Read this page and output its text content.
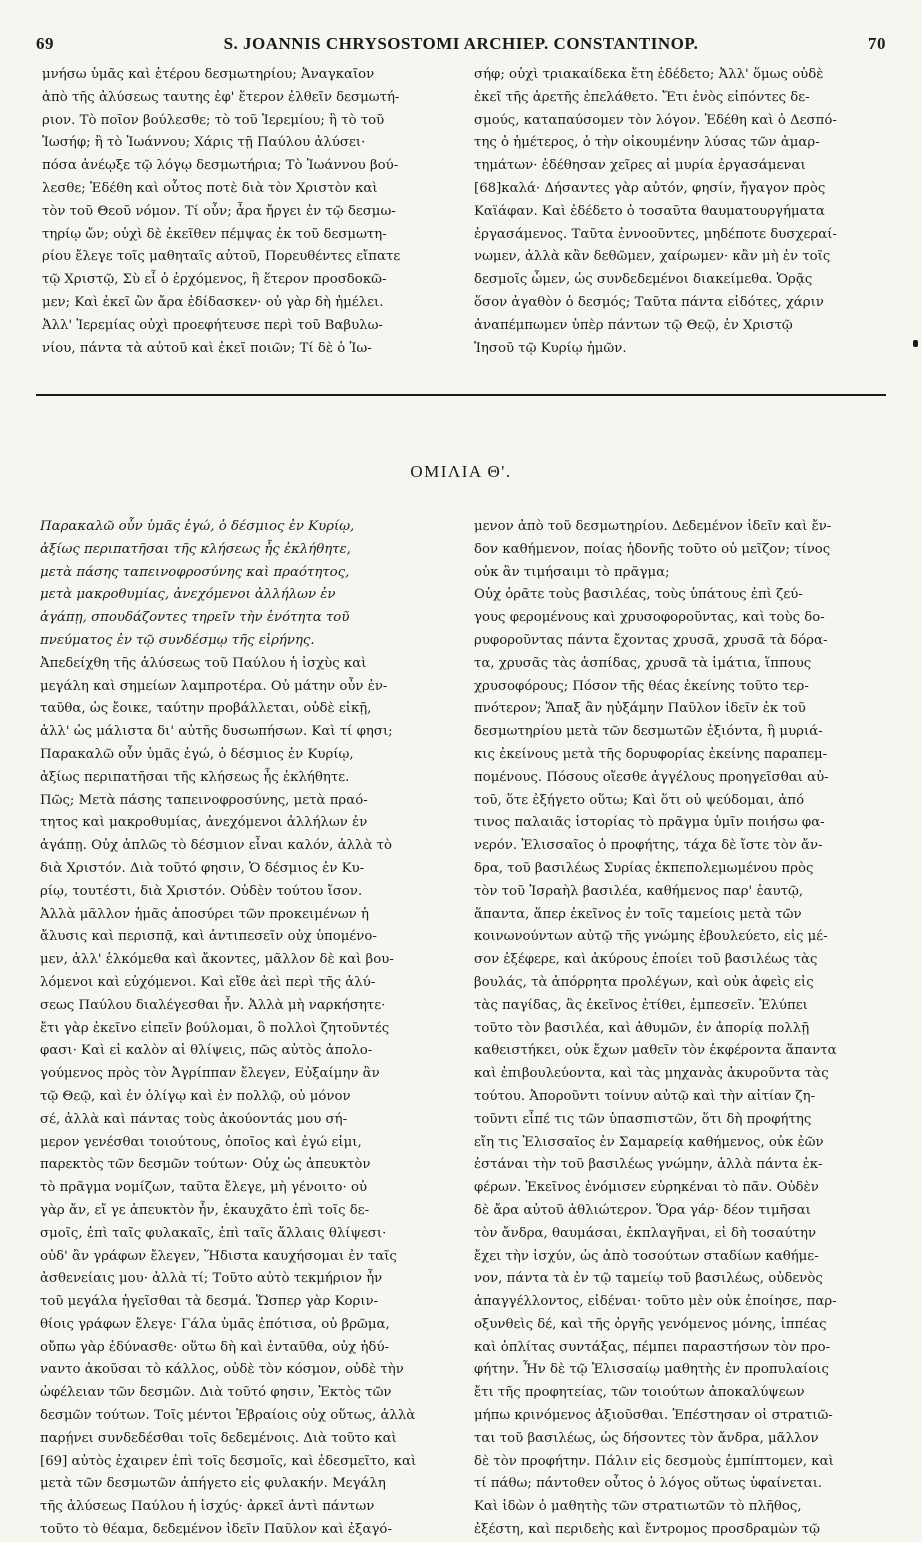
69	S. JOANNIS CHRYSOSTOMI ARCHIEP. CONSTANTINOP.	70
μνήσω ὑμᾶς καὶ ἑτέρου δεσμωτηρίου; Ἀναγκαῖον
ἀπὸ τῆς ἀλύσεως ταυτης ἐφ' ἕτερον ἐλθεῖν δεσμωτή-
ριον. Τὸ ποῖον βούλεσθε; τὸ τοῦ Ἱερεμίου; ἢ τὸ τοῦ
Ἰωσήφ; ἢ τὸ Ἰωάννου; Χάρις τῇ Παύλου ἀλύσει·
πόσα ἀνέῳξε τῷ λόγῳ δεσμωτήρια; Τὸ Ἰωάννου βού-
λεσθε; Ἐδέθη καὶ οὗτος ποτὲ διὰ τὸν Χριστὸν καὶ
τὸν τοῦ Θεοῦ νόμον. Τί οὖν; ἆρα ἤργει ἐν τῷ δεσμω-
τηρίῳ ὤν; οὐχὶ δὲ ἐκεῖθεν πέμψας ἐκ τοῦ δεσμωτη-
ρίου ἔλεγε τοῖς μαθηταῖς αὐτοῦ, Πορευθέντες εἴπατε
τῷ Χριστῷ, Σὺ εἶ ὁ ἐρχόμενος, ἢ ἕτερον προσδοκῶ-
μεν; Καὶ ἐκεῖ ὢν ἄρα ἐδίδασκεν· οὐ γὰρ δὴ ἠμέλει.
Ἀλλ' Ἱερεμίας οὐχὶ προεφήτευσε περὶ τοῦ Βαβυλω-
νίου, πάντα τὰ αὐτοῦ καὶ ἐκεῖ ποιῶν; Τί δὲ ὁ Ἰω-
σήφ; οὐχὶ τριακαίδεκα ἔτη ἐδέδετο; Ἀλλ' ὅμως οὐδὲ
ἐκεῖ τῆς ἀρετῆς ἐπελάθετο. Ἔτι ἑνὸς εἰπόντες δε-
σμούς, καταπαύσομεν τὸν λόγον. Ἐδέθη καὶ ὁ Δεσπό-
της ὁ ἡμέτερος, ὁ τὴν οἰκουμένην λύσας τῶν ἁμαρ-
τημάτων· ἐδέθησαν χεῖρες αἱ μυρία ἐργασάμεναι
[68]καλά· Δήσαντες γὰρ αὐτόν, φησίν, ἤγαγον πρὸς
Καϊάφαν. Καὶ ἐδέδετο ὁ τοσαῦτα θαυματουργήματα
ἐργασάμενος. Ταῦτα ἐννοοῦντες, μηδέποτε δυσχεραί-
νωμεν, ἀλλὰ κἂν δεθῶμεν, χαίρωμεν· κἂν μὴ ἐν τοῖς
δεσμοῖς ὦμεν, ὡς συνδεδεμένοι διακείμεθα. Ὁρᾷς
ὅσον ἀγαθὸν ὁ δεσμός; Ταῦτα πάντα εἰδότες, χάριν
ἀναπέμπωμεν ὑπὲρ πάντων τῷ Θεῷ, ἐν Χριστῷ
Ἰησοῦ τῷ Κυρίῳ ἡμῶν.
ΟΜΙΛΙΑ Θ'.
Παρακαλῶ οὖν ὑμᾶς ἐγώ, ὁ δέσμιος ἐν Κυρίῳ,
ἀξίως περιπατῆσαι τῆς κλήσεως ἧς ἐκλήθητε,
μετὰ πάσης ταπεινοφροσύνης καὶ πραότητος,
μετὰ μακροθυμίας, ἀνεχόμενοι ἀλλήλων ἐν
ἀγάπῃ, σπουδάζοντες τηρεῖν τὴν ἑνότητα τοῦ
πνεύματος ἐν τῷ συνδέσμῳ τῆς εἰρήνης.
Ἀπεδείχθη τῆς ἀλύσεως τοῦ Παύλου ἡ ἰσχὺς καὶ
μεγάλη καὶ σημείων λαμπροτέρα. Οὐ μάτην οὖν ἐν-
ταῦθα, ὡς ἔοικε, ταύτην προβάλλεται, οὐδὲ εἰκῇ,
ἀλλ' ὡς μάλιστα δι' αὐτῆς δυσωπήσων. Καὶ τί φησι;
Παρακαλῶ οὖν ὑμᾶς ἐγώ, ὁ δέσμιος ἐν Κυρίῳ,
ἀξίως περιπατῆσαι τῆς κλήσεως ἧς ἐκλήθητε.
Πῶς; Μετὰ πάσης ταπεινοφροσύνης, μετὰ πραό-
τητος καὶ μακροθυμίας, ἀνεχόμενοι ἀλλήλων ἐν
ἀγάπῃ. Οὐχ ἁπλῶς τὸ δέσμιον εἶναι καλόν, ἀλλὰ τὸ
διὰ Χριστόν. Διὰ τοῦτό φησιν, Ὁ δέσμιος ἐν Κυ-
ρίῳ, τουτέστι, διὰ Χριστόν. Οὐδὲν τούτου ἴσον.
Ἀλλὰ μᾶλλον ἡμᾶς ἀποσύρει τῶν προκειμένων ἡ
ἄλυσις καὶ περισπᾷ, καὶ ἀντιπεσεῖν οὐχ ὑπομένο-
μεν, ἀλλ' ἑλκόμεθα καὶ ἄκοντες, μᾶλλον δὲ καὶ βου-
λόμενοι καὶ εὐχόμενοι. Καὶ εἴθε ἀεὶ περὶ τῆς ἁλύ-
σεως Παύλου διαλέγεσθαι ἦν. Ἀλλὰ μὴ ναρκήσητε·
ἔτι γὰρ ἐκεῖνο εἰπεῖν βούλομαι, ὃ πολλοὶ ζητοῦντές
φασι· Καὶ εἰ καλὸν αἱ θλίψεις, πῶς αὐτὸς ἀπολο-
γούμενος πρὸς τὸν Ἀγρίππαν ἔλεγεν, Εὐξαίμην ἂν
τῷ Θεῷ, καὶ ἐν ὀλίγῳ καὶ ἐν πολλῷ, οὐ μόνον
σέ, ἀλλὰ καὶ πάντας τοὺς ἀκούοντάς μου σή-
μερον γενέσθαι τοιούτους, ὁποῖος καὶ ἐγώ εἰμι,
παρεκτὸς τῶν δεσμῶν τούτων· Οὐχ ὡς ἀπευκτὸν
τὸ πρᾶγμα νομίζων, ταῦτα ἔλεγε, μὴ γένοιτο· οὐ
γὰρ ἄν, εἴ γε ἀπευκτὸν ἦν, ἐκαυχᾶτο ἐπὶ τοῖς δε-
σμοῖς, ἐπὶ ταῖς φυλακαῖς, ἐπὶ ταῖς ἄλλαις θλίψεσι·
οὐδ' ἂν γράφων ἔλεγεν, Ἥδιστα καυχήσομαι ἐν ταῖς
ἀσθενείαις μου· ἀλλὰ τί; Τοῦτο αὐτὸ τεκμήριον ἦν
τοῦ μεγάλα ἡγεῖσθαι τὰ δεσμά. Ὥσπερ γὰρ Κοριν-
θίοις γράφων ἔλεγε· Γάλα ὑμᾶς ἐπότισα, οὐ βρῶμα,
οὔπω γὰρ ἐδύνασθε· οὕτω δὴ καὶ ἐνταῦθα, οὐχ ἠδύ-
ναντο ἀκοῦσαι τὸ κάλλος, οὐδὲ τὸν κόσμον, οὐδὲ τὴν
ὠφέλειαν τῶν δεσμῶν. Διὰ τοῦτό φησιν, Ἐκτὸς τῶν
δεσμῶν τούτων. Τοῖς μέντοι Ἑβραίοις οὐχ οὕτως, ἀλλὰ
παρῄνει συνδεδέσθαι τοῖς δεδεμένοις. Διὰ τοῦτο καὶ
[69] αὐτὸς ἐχαιρεν ἐπὶ τοῖς δεσμοῖς, καὶ ἐδεσμεῖτο, καὶ
μετὰ τῶν δεσμωτῶν ἀπήγετο εἰς φυλακήν. Μεγάλη
τῆς ἀλύσεως Παύλου ἡ ἰσχύς· ἀρκεῖ ἀντὶ πάντων
τοῦτο τὸ θέαμα, δεδεμένον ἰδεῖν Παῦλον καὶ ἐξαγό-
μενον ἀπὸ τοῦ δεσμωτηρίου. Δεδεμένον ἰδεῖν καὶ ἔν-
δον καθήμενον, ποίας ἡδονῆς τοῦτο οὐ μεῖζον; τίνος
οὐκ ἂν τιμήσαιμι τὸ πρᾶγμα;
Οὐχ ὁρᾶτε τοὺς βασιλέας, τοὺς ὑπάτους ἐπὶ ζεύ-
γους φερομένους καὶ χρυσοφοροῦντας, καὶ τοὺς δο-
ρυφοροῦντας πάντα ἔχοντας χρυσᾶ, χρυσᾶ τὰ δόρα-
τα, χρυσᾶς τὰς ἀσπίδας, χρυσᾶ τὰ ἱμάτια, ἵππους
χρυσοφόρους; Πόσον τῆς θέας ἐκείνης τοῦτο τερ-
πνότερον; Ἅπαξ ἂν ηὐξάμην Παῦλον ἰδεῖν ἐκ τοῦ
δεσμωτηρίου μετὰ τῶν δεσμωτῶν ἐξιόντα, ἢ μυριά-
κις ἐκείνους μετὰ τῆς δορυφορίας ἐκείνης παραπεμ-
πομένους. Πόσους οἴεσθε ἀγγέλους προηγεῖσθαι αὐ-
τοῦ, ὅτε ἐξήγετο οὕτω; Καὶ ὅτι οὐ ψεύδομαι, ἀπό
τινος παλαιᾶς ἱστορίας τὸ πρᾶγμα ὑμῖν ποιήσω φα-
νερόν. Ἐλισσαῖος ὁ προφήτης, τάχα δὲ ἴστε τὸν ἄν-
δρα, τοῦ βασιλέως Συρίας ἐκπεπολεμωμένου πρὸς
τὸν τοῦ Ἰσραὴλ βασιλέα, καθήμενος παρ' ἑαυτῷ,
ἅπαντα, ἅπερ ἐκεῖνος ἐν τοῖς ταμείοις μετὰ τῶν
κοινωνούντων αὐτῷ τῆς γνώμης ἐβουλεύετο, εἰς μέ-
σον ἐξέφερε, καὶ ἀκύρους ἐποίει τοῦ βασιλέως τὰς
βουλάς, τὰ ἀπόρρητα προλέγων, καὶ οὐκ ἀφεὶς εἰς
τὰς παγίδας, ἃς ἐκεῖνος ἐτίθει, ἐμπεσεῖν. Ἐλύπει
τοῦτο τὸν βασιλέα, καὶ ἀθυμῶν, ἐν ἀπορίᾳ πολλῇ
καθειστήκει, οὐκ ἔχων μαθεῖν τὸν ἐκφέροντα ἅπαντα
καὶ ἐπιβουλεύοντα, καὶ τὰς μηχανὰς ἀκυροῦντα τὰς
τούτου. Ἀποροῦντι τοίνυν αὐτῷ καὶ τὴν αἰτίαν ζη-
τοῦντι εἶπέ τις τῶν ὑπασπιστῶν, ὅτι δὴ προφήτης
εἴη τις Ἐλισσαῖος ἐν Σαμαρείᾳ καθήμενος, οὐκ ἐῶν
ἐστάναι τὴν τοῦ βασιλέως γνώμην, ἀλλὰ πάντα ἐκ-
φέρων. Ἐκεῖνος ἐνόμισεν εὑρηκέναι τὸ πᾶν. Οὐδὲν
δὲ ἄρα αὐτοῦ ἀθλιώτερον. Ὅρα γάρ· δέον τιμῆσαι
τὸν ἄνδρα, θαυμάσαι, ἐκπλαγῆναι, εἰ δὴ τοσαύτην
ἔχει τὴν ἰσχύν, ὡς ἀπὸ τοσούτων σταδίων καθήμε-
νον, πάντα τὰ ἐν τῷ ταμείῳ τοῦ βασιλέως, οὐδενὸς
ἀπαγγέλλοντος, εἰδέναι· τοῦτο μὲν οὐκ ἐποίησε, παρ-
οξυνθεὶς δέ, καὶ τῆς ὀργῆς γενόμενος μόνης, ἱππέας
καὶ ὁπλίτας συντάξας, πέμπει παραστήσων τὸν προ-
φήτην. Ἦν δὲ τῷ Ἐλισσαίῳ μαθητὴς ἐν προπυλαίοις
ἔτι τῆς προφητείας, τῶν τοιούτων ἀποκαλύψεων
μήπω κρινόμενος ἀξιοῦσθαι. Ἐπέστησαν οἱ στρατιῶ-
ται τοῦ βασιλέως, ὡς δήσοντες τὸν ἄνδρα, μᾶλλον
δὲ τὸν προφήτην. Πάλιν εἰς δεσμοὺς ἐμπίπτομεν, καὶ
τί πάθω; πάντοθεν οὗτος ὁ λόγος οὕτως ὑφαίνεται.
Καὶ ἰδὼν ὁ μαθητὴς τῶν στρατιωτῶν τὸ πλῆθος,
ἐξέστη, καὶ περιδεὴς καὶ ἔντρομος προσδραμὼν τῷ
